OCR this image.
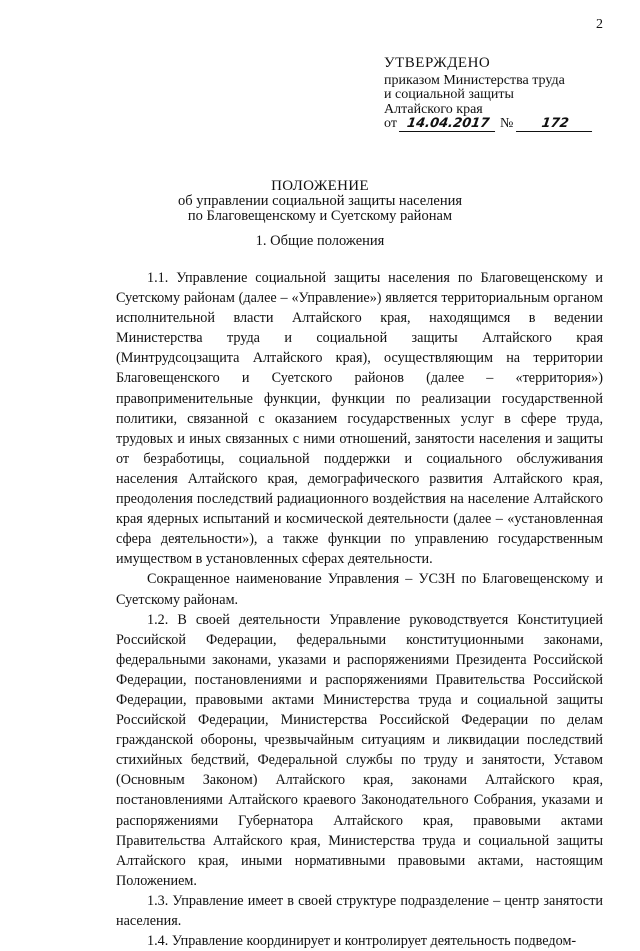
2
УТВЕРЖДЕНО
приказом Министерства труда
и социальной защиты
Алтайского края
от 14.04.2017 № 172
ПОЛОЖЕНИЕ
об управлении социальной защиты населения
по Благовещенскому и Суетскому районам
1. Общие положения

1.1. Управление социальной защиты населения по Благовещенскому и Суетскому районам (далее – «Управление») является территориальным органом исполнительной власти Алтайского края, находящимся в ведении Министерства труда и социальной защиты Алтайского края (Минтрудсоцзащита Алтайского края), осуществляющим на территории Благовещенского и Суетского районов (далее – «территория») правоприменительные функции, функции по реализации государственной политики, связанной с оказанием государственных услуг в сфере труда, трудовых и иных связанных с ними отношений, занятости населения и защиты от безработицы, социальной поддержки и социального обслуживания населения Алтайского края, демографического развития Алтайского края, преодоления последствий радиационного воздействия на население Алтайского края ядерных испытаний и космической деятельности (далее – «установленная сфера деятельности»), а также функции по управлению государственным имуществом в установленных сферах деятельности.

Сокращенное наименование Управления – УСЗН по Благовещенскому и Суетскому районам.

1.2. В своей деятельности Управление руководствуется Конституцией Российской Федерации, федеральными конституционными законами, федеральными законами, указами и распоряжениями Президента Российской Федерации, постановлениями и распоряжениями Правительства Российской Федерации, правовыми актами Министерства труда и социальной защиты Российской Федерации, Министерства Российской Федерации по делам гражданской обороны, чрезвычайным ситуациям и ликвидации последствий стихийных бедствий, Федеральной службы по труду и занятости, Уставом (Основным Законом) Алтайского края, законами Алтайского края, постановлениями Алтайского краевого Законодательного Собрания, указами и распоряжениями Губернатора Алтайского края, правовыми актами Правительства Алтайского края, Министерства труда и социальной защиты Алтайского края, иными нормативными правовыми актами, настоящим Положением.

1.3. Управление имеет в своей структуре подразделение – центр занятости населения.

1.4. Управление координирует и контролирует деятельность подведом-
